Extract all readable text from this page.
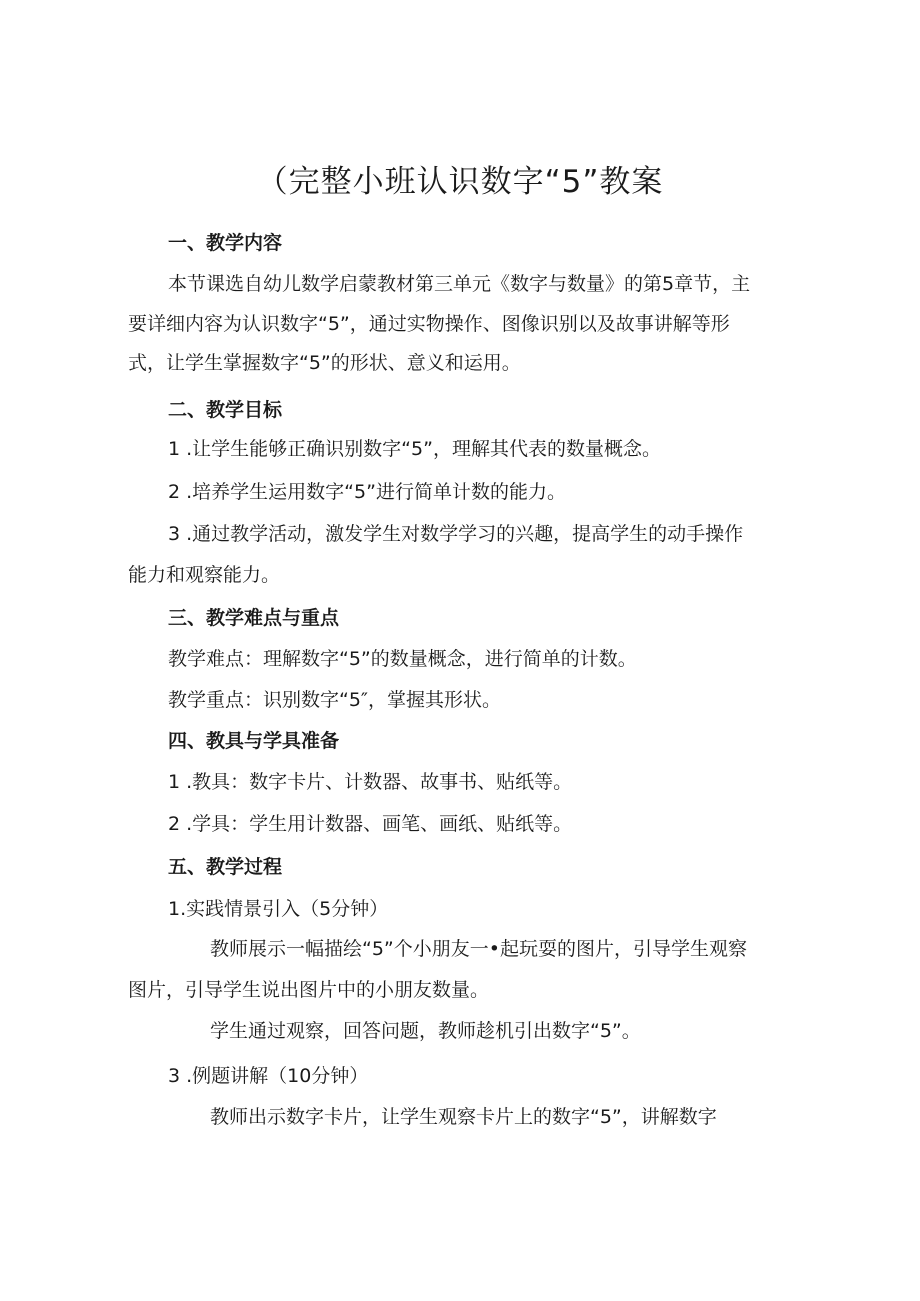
（完整小班认识数字“5”教案
一、教学内容
本节课选自幼儿数学启蒙教材第三单元《数字与数量》的第5章节，主
要详细内容为认识数字“5”，通过实物操作、图像识别以及故事讲解等形
式，让学生掌握数字“5”的形状、意义和运用。
二、教学目标
1 .让学生能够正确识别数字“5”，理解其代表的数量概念。
2 .培养学生运用数字“5”进行简单计数的能力。
3 .通过教学活动，激发学生对数学学习的兴趣，提高学生的动手操作
能力和观察能力。
三、教学难点与重点
教学难点：理解数字“5”的数量概念，进行简单的计数。
教学重点：识别数字“5″，掌握其形状。
四、教具与学具准备
1 .教具：数字卡片、计数器、故事书、贴纸等。
2 .学具：学生用计数器、画笔、画纸、贴纸等。
五、教学过程
1.实践情景引入（5分钟）
教师展示一幅描绘“5”个小朋友一•起玩耍的图片，引导学生观察
图片，引导学生说出图片中的小朋友数量。
学生通过观察，回答问题，教师趁机引出数字“5”。
3 .例题讲解（10分钟）
教师出示数字卡片，让学生观察卡片上的数字“5”，讲解数字
